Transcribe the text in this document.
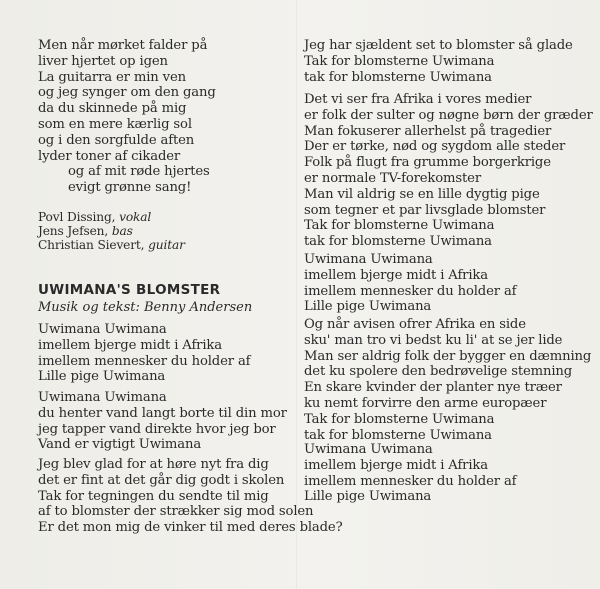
Men når mørket falder på
liver hjertet op igen
La guitarra er min ven
og jeg synger om den gang
da du skinnede på mig
som en mere kærlig sol
og i den sorgfulde aften
lyder toner af cikader
og af mit røde hjertes
evigt grønne sang!
Povl Dissing, vokal
Jens Jefsen, bas
Christian Sievert, guitar
UWIMANA'S BLOMSTER
Musik og tekst: Benny Andersen
Uwimana Uwimana
imellem bjerge midt i Afrika
imellem mennesker du holder af
Lille pige Uwimana
Uwimana Uwimana
du henter vand langt borte til din mor
jeg tapper vand direkte hvor jeg bor
Vand er vigtigt Uwimana
Jeg blev glad for at høre nyt fra dig
det er fint at det går dig godt i skolen
Tak for tegningen du sendte til mig
af to blomster der strækker sig mod solen
Er det mon mig de vinker til med deres blade?
Jeg har sjældent set to blomster så glade
Tak for blomsterne Uwimana
tak for blomsterne Uwimana
Det vi ser fra Afrika i vores medier
er folk der sulter og nøgne børn der græder
Man fokuserer allerhelst på tragedier
Der er tørke, nød og sygdom alle steder
Folk på flugt fra grumme borgerkrige
er normale TV-forekomster
Man vil aldrig se en lille dygtig pige
som tegner et par livsglade blomster
Tak for blomsterne Uwimana
tak for blomsterne Uwimana
Uwimana Uwimana
imellem bjerge midt i Afrika
imellem mennesker du holder af
Lille pige Uwimana
Og når avisen ofrer Afrika en side
sku' man tro vi bedst ku li' at se jer lide
Man ser aldrig folk der bygger en dæmning
det ku spolere den bedrøvelige stemning
En skare kvinder der planter nye træer
ku nemt forvirre den arme europæer
Tak for blomsterne Uwimana
tak for blomsterne Uwimana
Uwimana Uwimana
imellem bjerge midt i Afrika
imellem mennesker du holder af
Lille pige Uwimana
